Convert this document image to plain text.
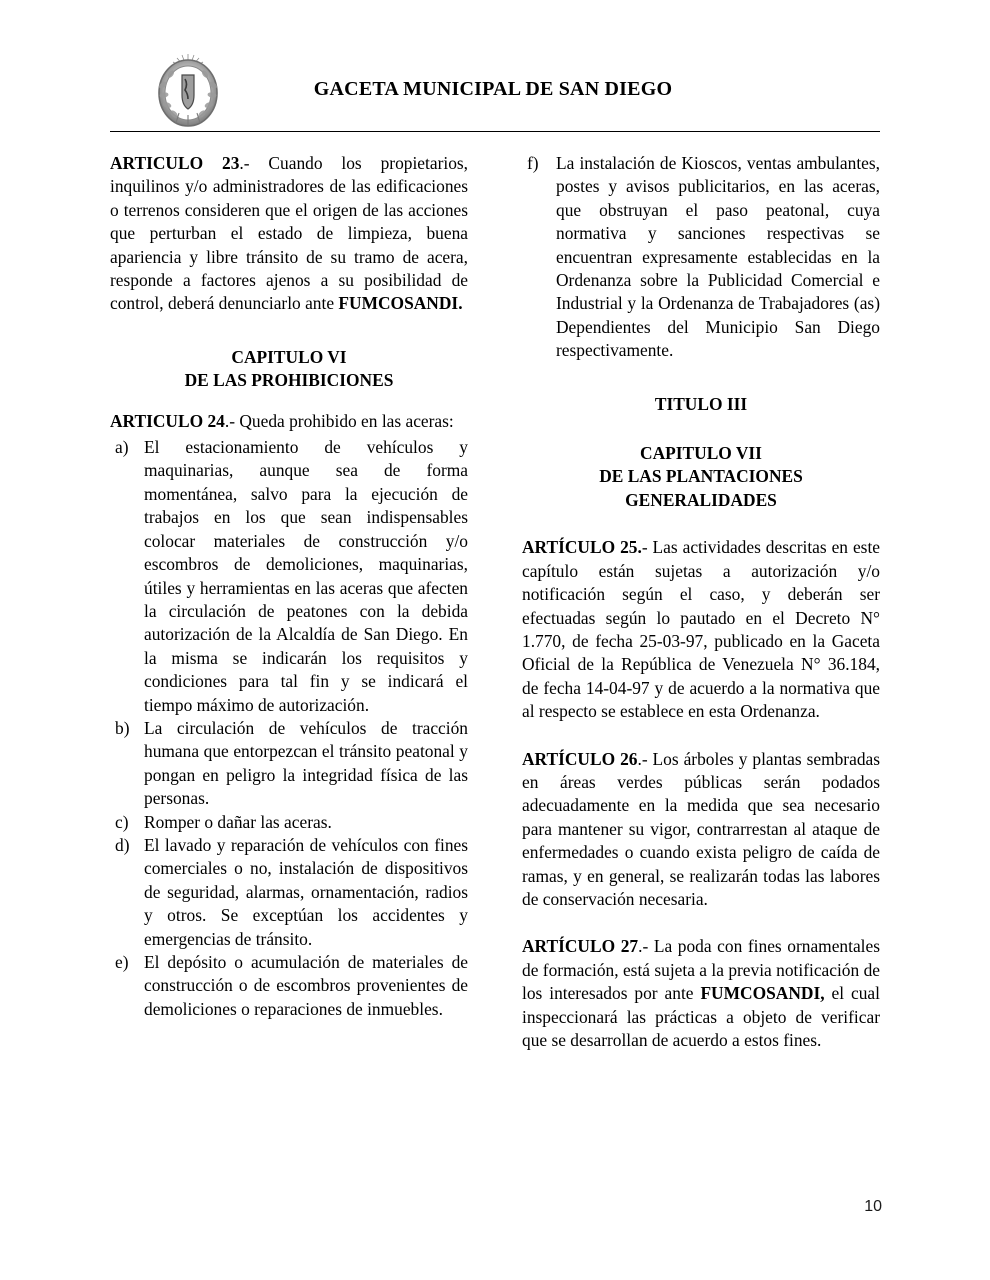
GACETA MUNICIPAL DE SAN DIEGO

ARTICULO 23.- Cuando los propietarios, inquilinos y/o administradores de las edificaciones o terrenos consideren que el origen de las acciones que perturban el estado de limpieza, buena apariencia y libre tránsito de su tramo de acera, responde a factores ajenos a su posibilidad de control, deberá denunciarlo ante FUMCOSANDI.

CAPITULO VI
DE LAS PROHIBICIONES

ARTICULO 24.- Queda prohibido en las aceras:

a) El estacionamiento de vehículos y maquinarias, aunque sea de forma momentánea, salvo para la ejecución de trabajos en los que sean indispensables colocar materiales de construcción y/o escombros de demoliciones, maquinarias, útiles y herramientas en las aceras que afecten la circulación de peatones con la debida autorización de la Alcaldía de San Diego. En la misma se indicarán los requisitos y condiciones para tal fin y se indicará el tiempo máximo de autorización.
b) La circulación de vehículos de tracción humana que entorpezcan el tránsito peatonal y pongan en peligro la integridad física de las personas.
c) Romper o dañar las aceras.
d) El lavado y reparación de vehículos con fines comerciales o no, instalación de dispositivos de seguridad, alarmas, ornamentación, radios y otros. Se exceptúan los accidentes y emergencias de tránsito.
e) El depósito o acumulación de materiales de construcción o de escombros provenientes de demoliciones o reparaciones de inmuebles.
f)	La instalación de Kioscos, ventas ambulantes, postes y avisos publicitarios, en las aceras, que obstruyan el paso peatonal, cuya normativa y sanciones respectivas se encuentran expresamente establecidas en la Ordenanza sobre la Publicidad Comercial e Industrial y la Ordenanza de Trabajadores (as) Dependientes del Municipio San Diego respectivamente.
TITULO III
CAPITULO VII
DE LAS PLANTACIONES
GENERALIDADES

ARTÍCULO 25.- Las actividades descritas en este capítulo están sujetas a autorización y/o notificación según el caso, y deberán ser efectuadas según lo pautado en el Decreto N° 1.770, de fecha 25-03-97, publicado en la Gaceta Oficial de la República de Venezuela N° 36.184, de fecha 14-04-97 y de acuerdo a la normativa que al respecto se establece en esta Ordenanza.

ARTÍCULO 26.- Los árboles y plantas sembradas en áreas verdes públicas serán podados adecuadamente en la medida que sea necesario para mantener su vigor, contrarrestan al ataque de enfermedades o cuando exista peligro de caída de ramas, y en general, se realizarán todas las labores de conservación necesaria.

ARTÍCULO 27.- La poda con fines ornamentales de formación, está sujeta a la previa notificación de los interesados por ante FUMCOSANDI, el cual inspeccionará las prácticas a objeto de verificar que se desarrollan de acuerdo a estos fines.

10
